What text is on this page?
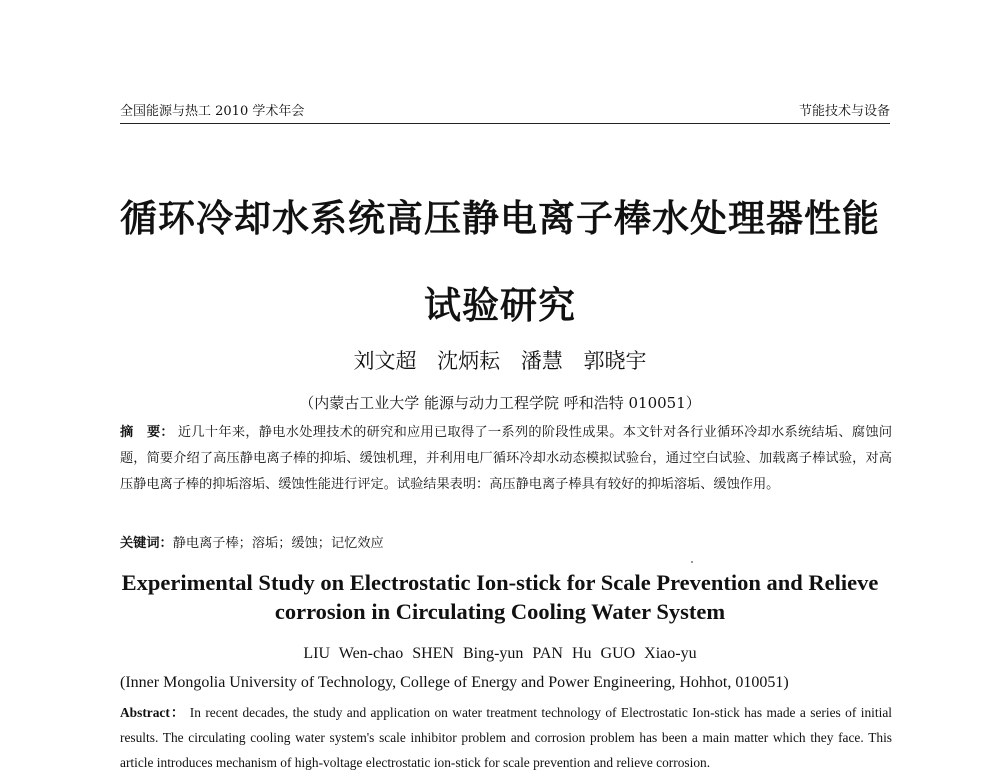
全国能源与热工 2010 学术年会	节能技术与设备
循环冷却水系统高压静电离子棒水处理器性能
试验研究
刘文超 沈炳耘 潘慧 郭晓宇
（内蒙古工业大学 能源与动力工程学院 呼和浩特 010051）
摘　要： 近几十年来，静电水处理技术的研究和应用已取得了一系列的阶段性成果。本文针对各行业循环冷却水系统结垢、腐蚀问题，简要介绍了高压静电离子棒的抑垢、缓蚀机理，并利用电厂循环冷却水动态模拟试验台，通过空白试验、加载离子棒试验，对高压静电离子棒的抑垢溶垢、缓蚀性能进行评定。试验结果表明：高压静电离子棒具有较好的抑垢溶垢、缓蚀作用。
关键词：静电离子棒；溶垢；缓蚀；记忆效应
Experimental Study on Electrostatic Ion-stick for Scale Prevention and Relieve
corrosion in Circulating Cooling Water System
LIU Wen-chao SHEN Bing-yun PAN Hu GUO Xiao-yu
(Inner Mongolia University of Technology, College of Energy and Power Engineering, Hohhot, 010051)
Abstract： In recent decades, the study and application on water treatment technology of Electrostatic Ion-stick has made a series of initial results. The circulating cooling water system's scale inhibitor problem and corrosion problem has been a main matter which they face. This article introduces mechanism of high-voltage electrostatic ion-stick for scale prevention and relieve corrosion.
